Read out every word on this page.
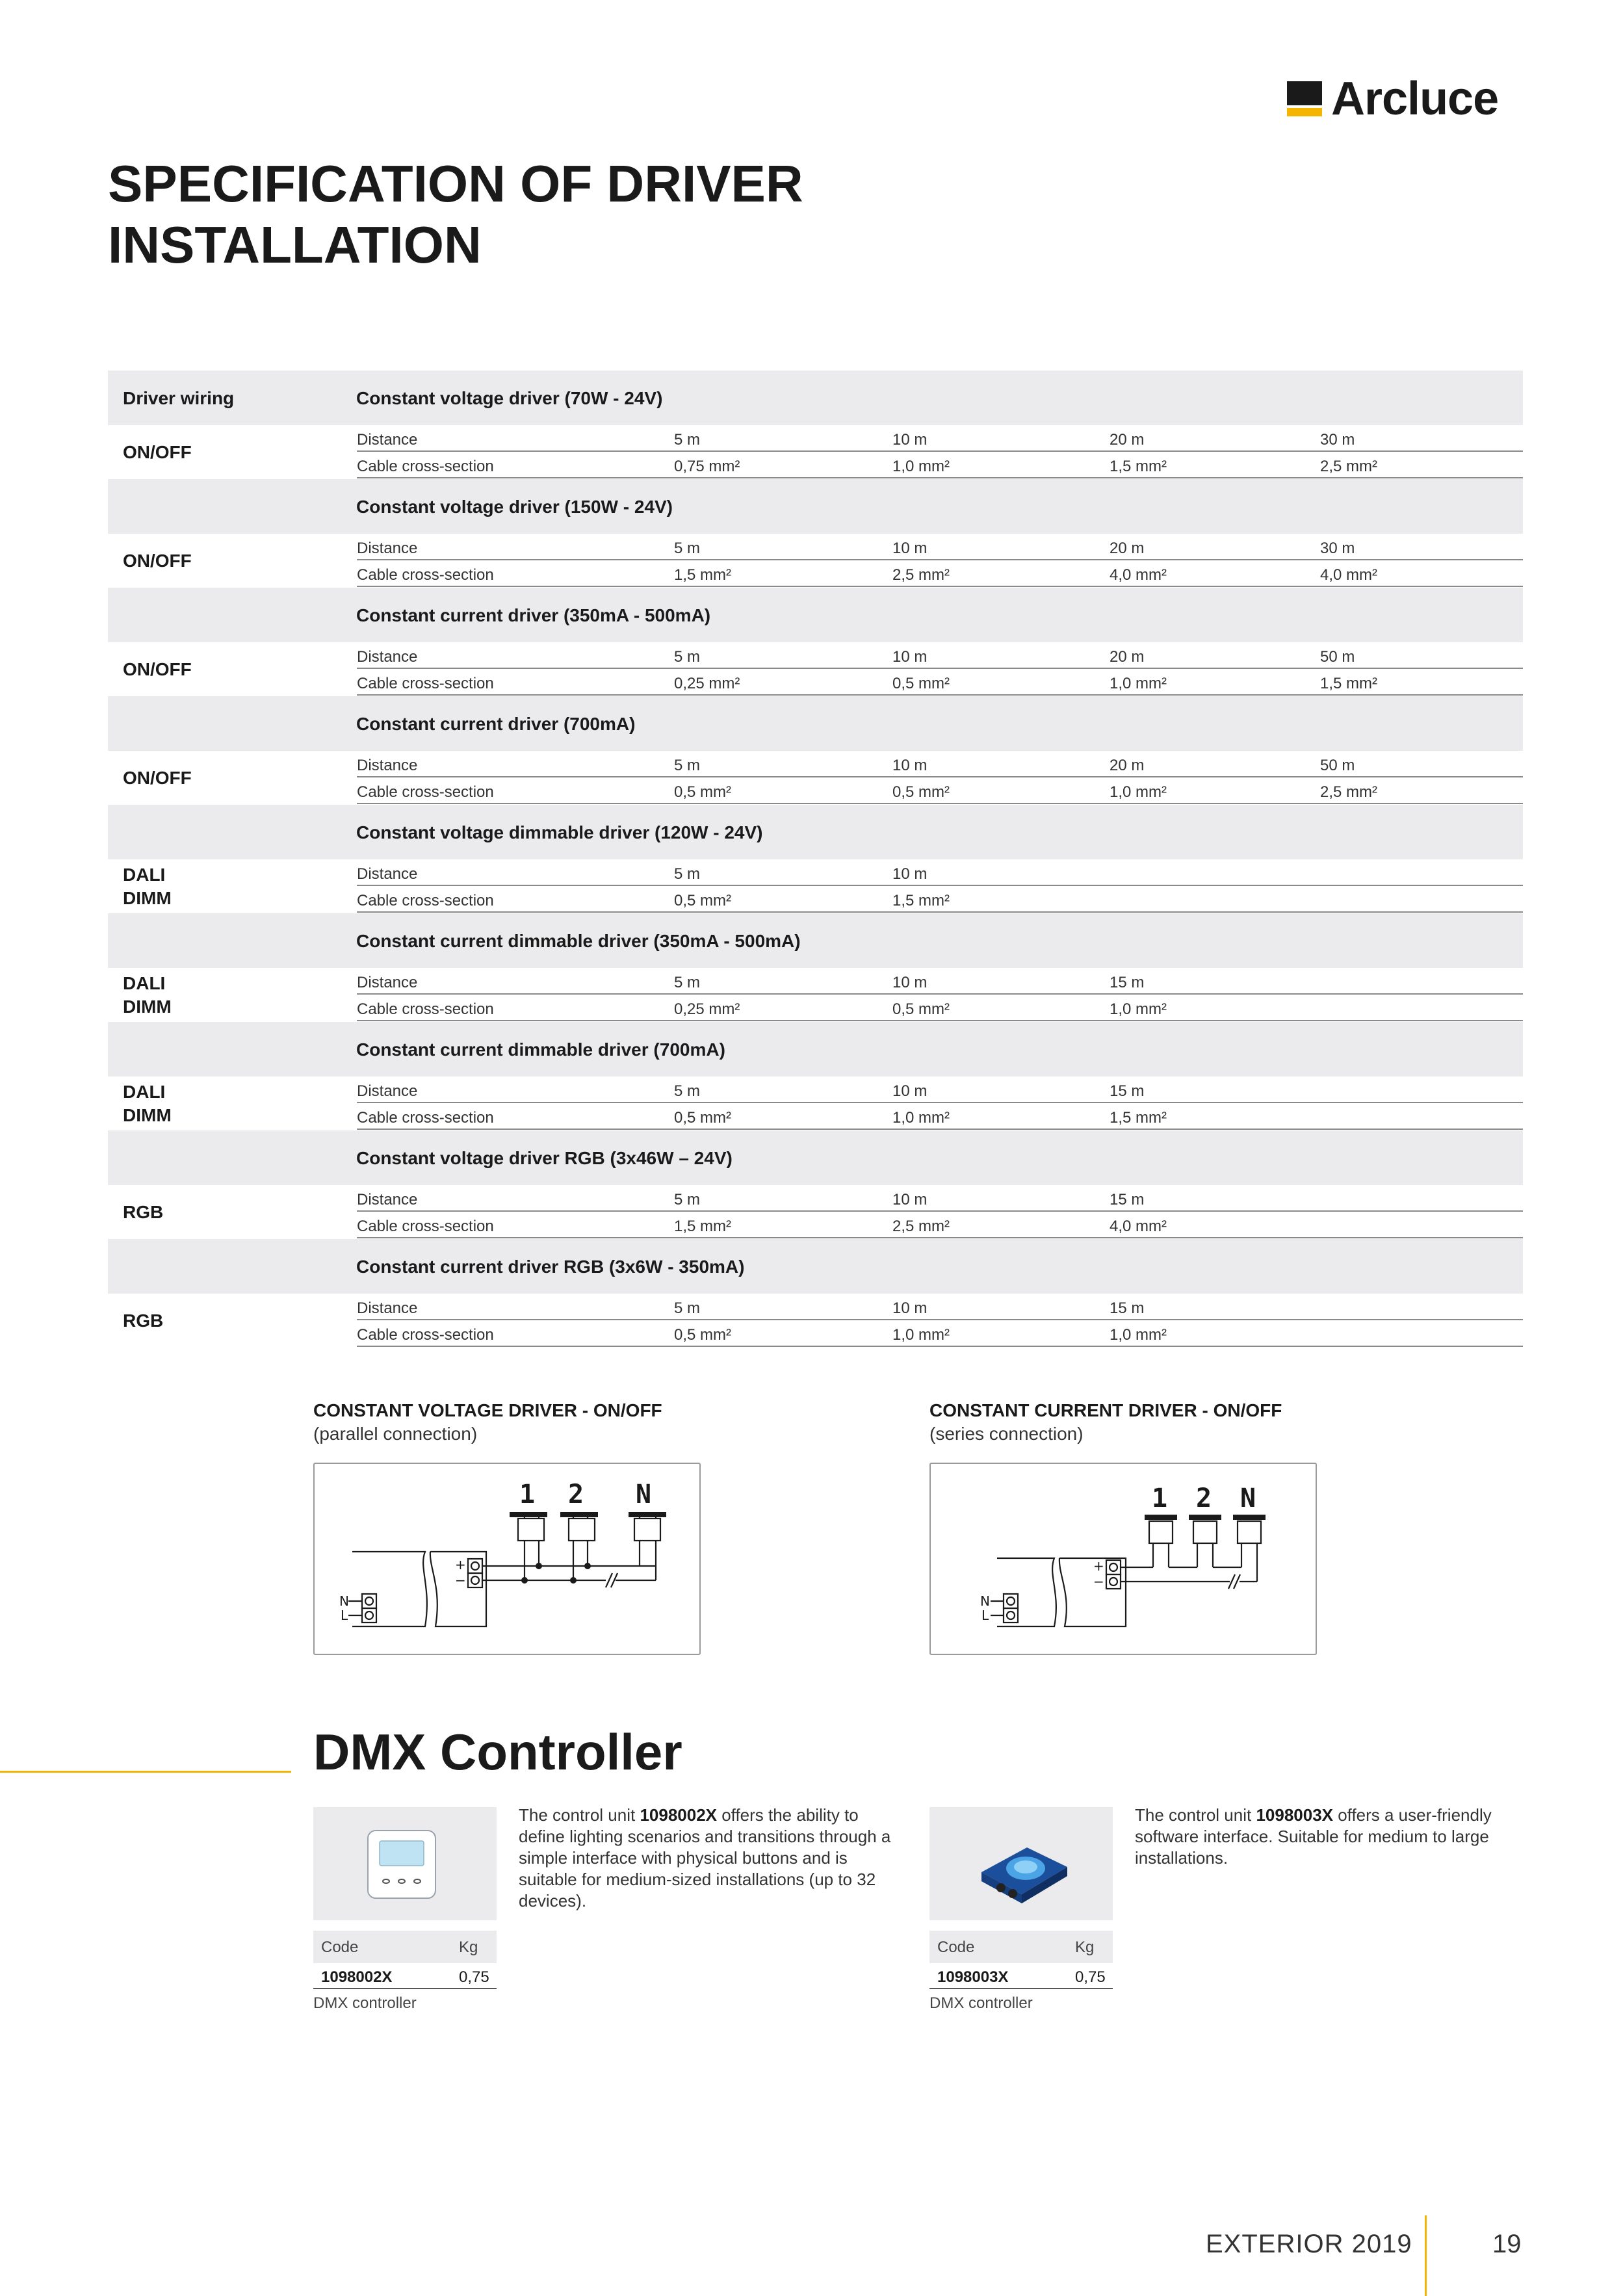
Arcluce
SPECIFICATION OF DRIVER
INSTALLATION
Driver wiring	Constant voltage driver (70W - 24V)
ON/OFF
Distance	5 m	10 m	20 m	30 m
Cable cross-section	0,75 mm²	1,0 mm²	1,5 mm²	2,5 mm²
Constant voltage driver (150W - 24V)
ON/OFF
Distance	5 m	10 m	20 m	30 m
Cable cross-section	1,5 mm²	2,5 mm²	4,0 mm²	4,0 mm²
Constant current driver (350mA - 500mA)
ON/OFF
Distance	5 m	10 m	20 m	50 m
Cable cross-section	0,25 mm²	0,5 mm²	1,0 mm²	1,5 mm²
Constant current driver (700mA)
ON/OFF
Distance	5 m	10 m	20 m	50 m
Cable cross-section	0,5 mm²	0,5 mm²	1,0 mm²	2,5 mm²
Constant voltage dimmable driver (120W - 24V)
DALI
DIMM
Distance	5 m	10 m
Cable cross-section	0,5 mm²	1,5 mm²
Constant current dimmable driver (350mA - 500mA)
DALI
DIMM
Distance	5 m	10 m	15 m
Cable cross-section	0,25 mm²	0,5 mm²	1,0 mm²
Constant current dimmable driver (700mA)
DALI
DIMM
Distance	5 m	10 m	15 m
Cable cross-section	0,5 mm²	1,0 mm²	1,5 mm²
Constant voltage driver RGB (3x46W – 24V)
RGB
Distance	5 m	10 m	15 m
Cable cross-section	1,5 mm²	2,5 mm²	4,0 mm²
Constant current driver RGB (3x6W - 350mA)
RGB
Distance	5 m	10 m	15 m
Cable cross-section	0,5 mm²	1,0 mm²	1,0 mm²
CONSTANT VOLTAGE DRIVER - ON/OFF
(parallel connection)
1 2 N
+
−
N
L
CONSTANT CURRENT DRIVER - ON/OFF
(series connection)
1 2 N
+
−
N
L
DMX Controller
The control unit 1098002X offers the ability to define lighting scenarios and transitions through a simple interface with physical buttons and is suitable for medium-sized installations (up to 32 devices).
Code	Kg
1098002X	0,75
DMX controller
The control unit 1098003X offers a user-friendly software interface. Suitable for medium to large installations.
Code	Kg
1098003X	0,75
DMX controller
EXTERIOR 2019	19
